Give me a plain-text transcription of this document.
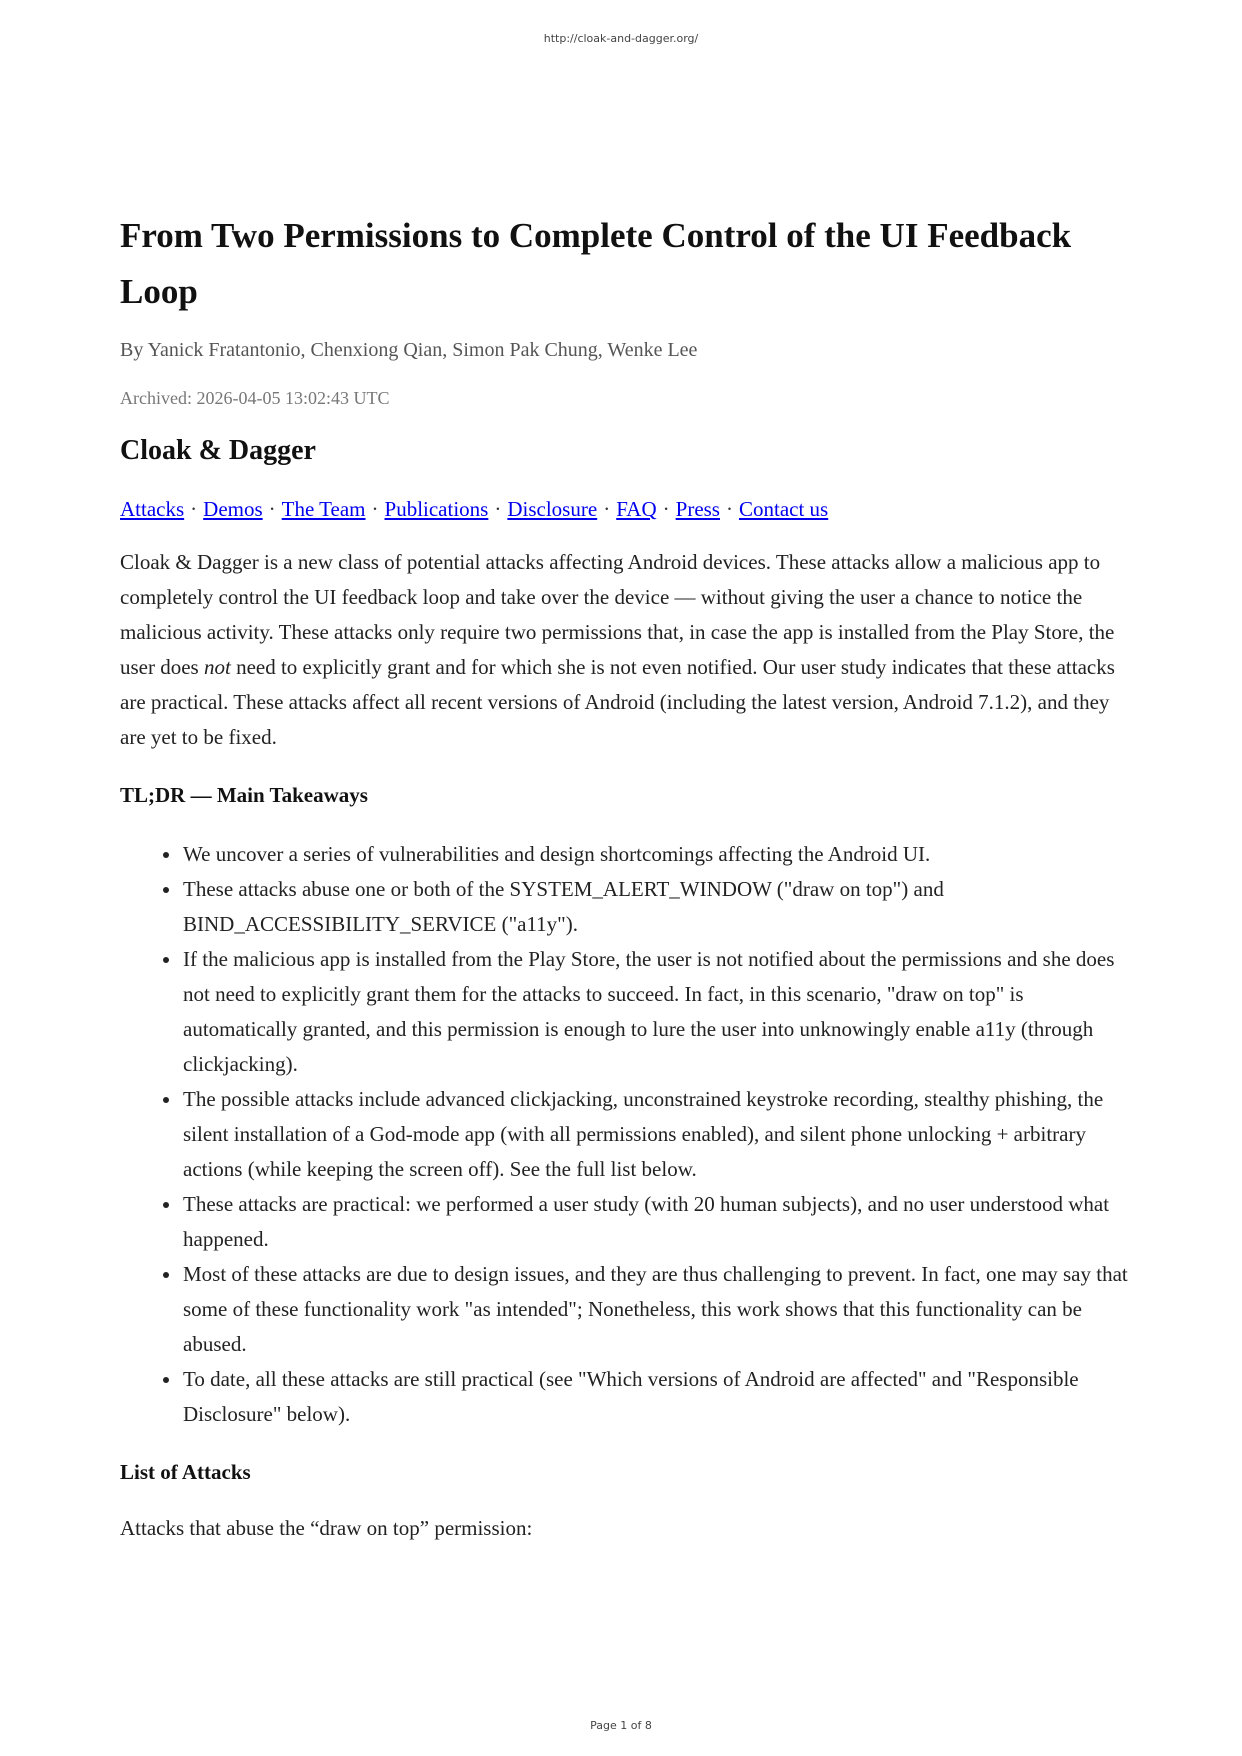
http://cloak-and-dagger.org/
From Two Permissions to Complete Control of the UI Feedback Loop
By Yanick Fratantonio, Chenxiong Qian, Simon Pak Chung, Wenke Lee
Archived: 2026-04-05 13:02:43 UTC
Cloak & Dagger
Attacks · Demos · The Team · Publications · Disclosure · FAQ · Press · Contact us

Cloak & Dagger is a new class of potential attacks affecting Android devices. These attacks allow a malicious app to completely control the UI feedback loop and take over the device — without giving the user a chance to notice the malicious activity. These attacks only require two permissions that, in case the app is installed from the Play Store, the user does not need to explicitly grant and for which she is not even notified. Our user study indicates that these attacks are practical. These attacks affect all recent versions of Android (including the latest version, Android 7.1.2), and they are yet to be fixed.

TL;DR — Main Takeaways
• We uncover a series of vulnerabilities and design shortcomings affecting the Android UI.
• These attacks abuse one or both of the SYSTEM_ALERT_WINDOW ("draw on top") and BIND_ACCESSIBILITY_SERVICE ("a11y").
• If the malicious app is installed from the Play Store, the user is not notified about the permissions and she does not need to explicitly grant them for the attacks to succeed. In fact, in this scenario, "draw on top" is automatically granted, and this permission is enough to lure the user into unknowingly enable a11y (through clickjacking).
• The possible attacks include advanced clickjacking, unconstrained keystroke recording, stealthy phishing, the silent installation of a God-mode app (with all permissions enabled), and silent phone unlocking + arbitrary actions (while keeping the screen off). See the full list below.
• These attacks are practical: we performed a user study (with 20 human subjects), and no user understood what happened.
• Most of these attacks are due to design issues, and they are thus challenging to prevent. In fact, one may say that some of these functionality work "as intended"; Nonetheless, this work shows that this functionality can be abused.
• To date, all these attacks are still practical (see "Which versions of Android are affected" and "Responsible Disclosure" below).
List of Attacks

Attacks that abuse the “draw on top” permission:

Page 1 of 8
